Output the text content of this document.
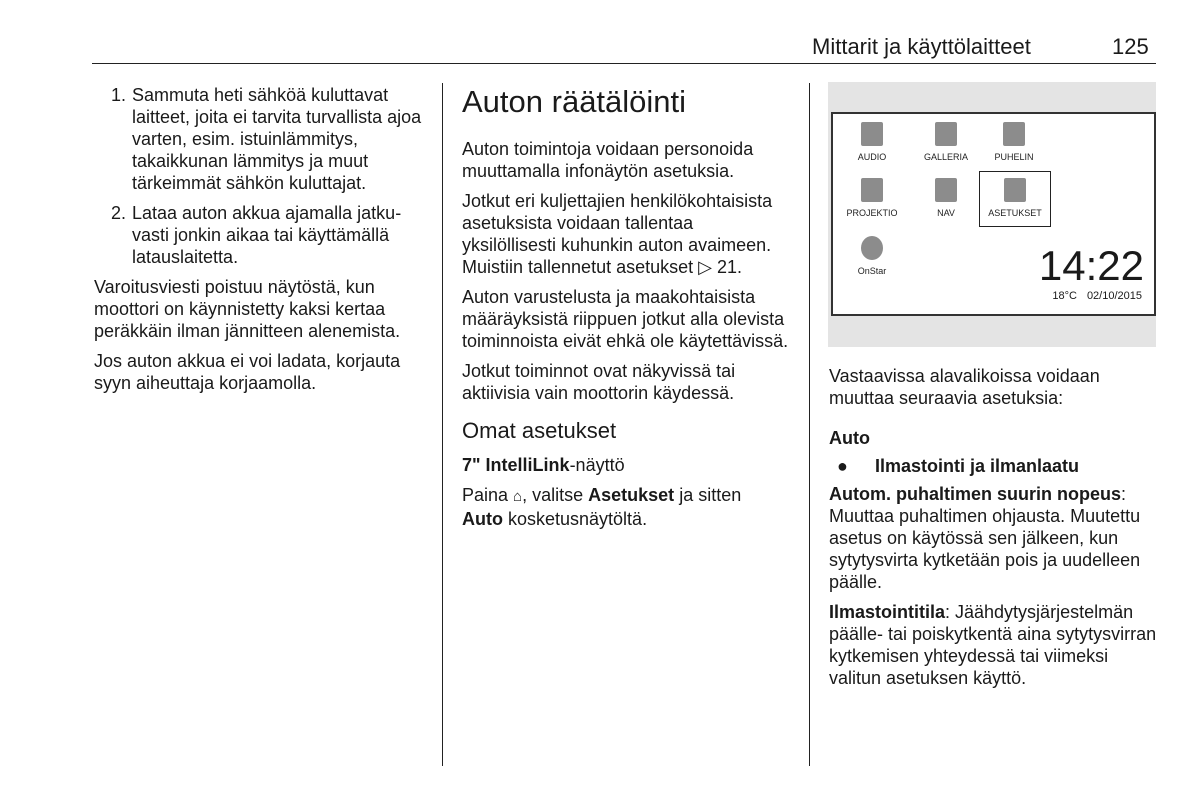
Mittarit ja käyttölaitteet	125
1. Sammuta heti sähköä kuluttavat laitteet, joita ei tarvita turvallista ajoa varten, esim. istuinlämmitys, takaikkunan lämmitys ja muut tärkeimmät sähkön kuluttajat.
2. Lataa auton akkua ajamalla jatkuvasti jonkin aikaa tai käyttämällä latauslaitetta.

Varoitusviesti poistuu näytöstä, kun moottori on käynnistetty kaksi kertaa peräkkäin ilman jännitteen alenemista.

Jos auton akkua ei voi ladata, korjauta syyn aiheuttaja korjaamolla.

Auton räätälöinti

Auton toimintoja voidaan personoida muuttamalla infonäytön asetuksia.

Jotkut eri kuljettajien henkilökohtaisista asetuksista voidaan tallentaa yksilöllisesti kuhunkin auton avaimeen. Muistiin tallennetut asetukset ▷ 21.

Auton varustelusta ja maakohtaisista määräyksistä riippuen jotkut alla olevista toiminnoista eivät ehkä ole käytettävissä.

Jotkut toiminnot ovat näkyvissä tai aktiivisia vain moottorin käydessä.

Omat asetukset

7" IntelliLink-näyttö

Paina ⌂, valitse Asetukset ja sitten
Auto kosketusnäytöltä.

AUDIO	GALLERIA	PUHELIN
PROJEKTIO	NAV	ASETUKSET
OnStar	14:22
18°C 02/10/2015

Vastaavissa alavalikoissa voidaan muuttaa seuraavia asetuksia:

Auto
●	Ilmastointi ja ilmanlaatu

Autom. puhaltimen suurin nopeus: Muuttaa puhaltimen ohjausta. Muutettu asetus on käytössä sen jälkeen, kun sytytysvirta kytketään pois ja uudelleen päälle.

Ilmastointitila: Jäähdytysjärjestelmän päälle- tai poiskytkentä aina sytytysvirran kytkemisen yhteydessä tai viimeksi valitun asetuksen käyttö.
